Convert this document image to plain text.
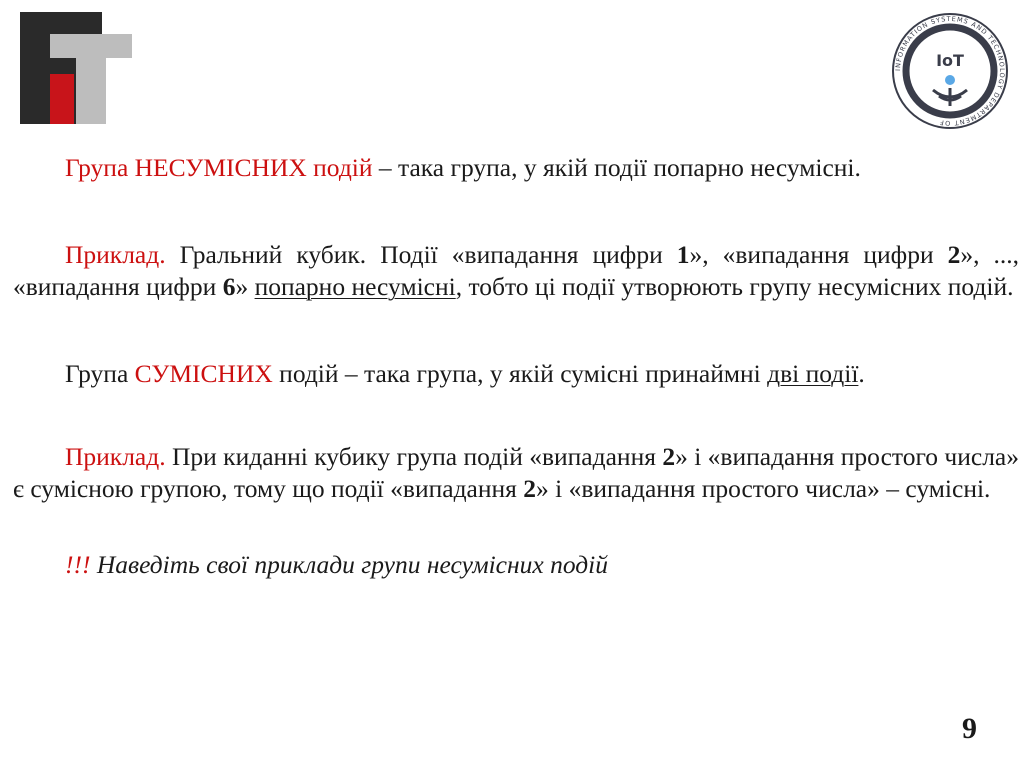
INFORMATION SYSTEMS AND TECHNOLOGY DEPARTMENT OF
IoT

Група НЕСУМІСНИХ подій – така група, у якій події попарно несумісні.

Приклад. Гральний кубик. Події «випадання цифри 1», «випадання цифри 2», ..., «випадання цифри 6» попарно несумісні, тобто ці події утворюють групу несумісних подій.

Група СУМІСНИХ подій – така група, у якій сумісні принаймні дві події.

Приклад. При киданні кубику група подій «випадання 2» і «випадання простого числа» є сумісною групою, тому що події «випадання 2» і «випадання простого числа» – сумісні.

!!! Наведіть свої приклади групи несумісних подій

9
